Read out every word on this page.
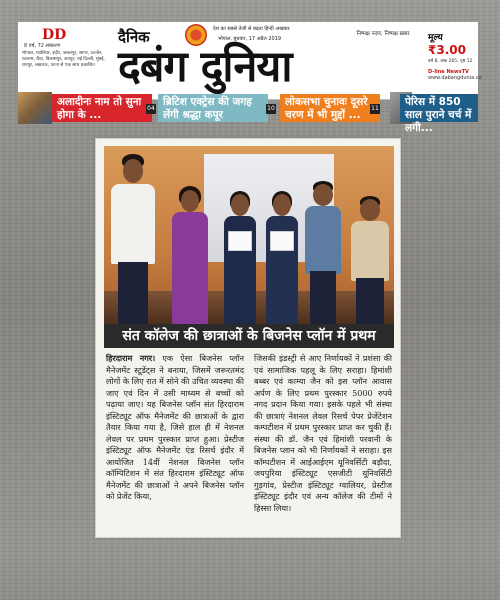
DD
8 वर्ष, 72 संस्करण
भोपाल, ग्वालियर, इंदौर, जबलपुर, सागर, उज्जैन, रतलाम, रीवा, बिलासपुर, जयपुर, नई दिल्ली, मुंबई, रायपुर, लखनऊ, पटना से एक साथ प्रकाशित
दैनिक	देश का सबसे तेजी से बढ़ता हिन्दी अखबार
भोपाल, बुधवार, 17 अप्रैल 2019
निष्पक्ष नज़र, निष्पक्ष ख़बर
दबंग दुनिया
मूल्य ₹3.00
वर्ष 8, अंक 265, पृष्ठ 12
D-line NewsTV
www.dabangdunia.co
अलादीनः नाम तो सुना होगा के ...
04
ब्रिटिश एक्ट्रेस की जगह लेंगी श्रद्धा कपूर
10
लोकसभा चुनावः दूसरे चरण में भी मुद्दों ...
11
पेरिस में 850 साल पुराने चर्च में लगी...
संत कॉलेज की छात्राओं के बिजनेस प्लॉन में प्रथम
हिरदाराम नगर। एक ऐसा बिजनेस प्लॉन मैनेजमेंट स्टूडेंट्स ने बनाया, जिसमें जरूरतमंद लोगों के लिए रात में सोने की उचित व्यवस्था की जाए एवं दिन में उसी माध्यम से बच्चों को पढ़ाया जाए। यह बिजनेस प्लॉन संत हिरदाराम इंस्टिट्यूट ऑफ मैनेजमेंट की छात्राओं के द्वारा तैयार किया गया है, जिसे हाल ही में नेशनल लेवल पर प्रथम पुरस्कार प्राप्त हुआ। प्रेस्टीज इंस्टिट्यूट ऑफ मैनेजमेंट एंड रिसर्च इंदौर में आयोजित 14वीं नेशनल बिजनेस प्लॉन कॉम्पिटिशन में संत हिरदाराम इंस्टिट्यूट ऑफ मैनेजमेंट की छात्राओं ने अपने बिजनेस प्लॉन को प्रेजेंट किया,
जिसकी इंडस्ट्री से आए निर्णायकों ने प्रशंसा की एवं सामाजिक पहलू के लिए सराहा। हिमांशी बब्बर एवं काम्या जैन को इस प्लॉन आवास अर्पण के लिए प्रथम पुरस्कार 5000 रुपये नगद प्रदान किया गया। इसके पहले भी संस्था की छात्राएं नेशनल लेवल रिसर्च पेपर प्रेजेंटेशन कम्पटीशन में प्रथम पुरस्कार प्राप्त कर चुकी हैं। संस्था की डॉ. जैन एवं हिमांशी परवानी के बिजनेस प्लान को भी निर्णायकों ने सराहा। इस कॉम्पटीशन में आईआईएम यूनिवर्सिटी बड़ौदा, जयपुरिया इंस्टिट्यूट एसजीटी यूनिवर्सिटी गुड़गांव, प्रेस्टीज इंस्टिट्यूट ग्वालियर, प्रेस्टीज इंस्टिट्यूट इंदौर एवं अन्य कॉलेज की टीमों ने हिस्सा लिया।
